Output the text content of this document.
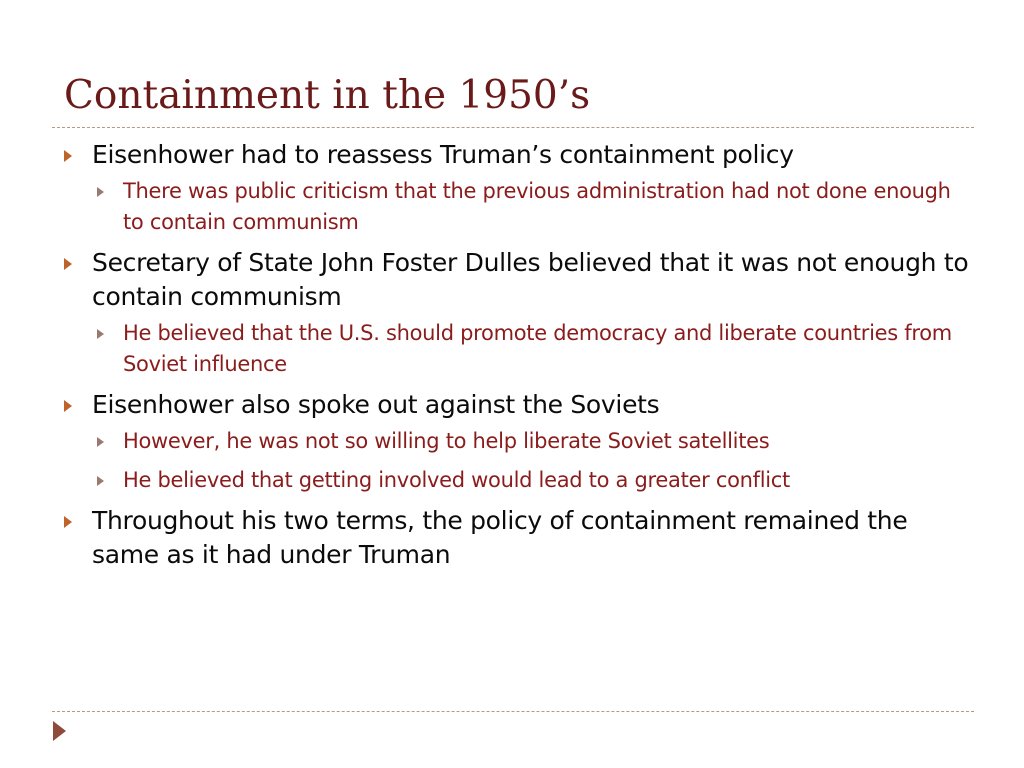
Containment in the 1950’s
Eisenhower had to reassess Truman’s containment policy
There was public criticism that the previous administration had not done enough to contain communism
Secretary of State John Foster Dulles believed that it was not enough to contain communism
He believed that the U.S. should promote democracy and liberate countries from Soviet influence
Eisenhower also spoke out against the Soviets
However, he was not so willing to help liberate Soviet satellites
He believed that getting involved would lead to a greater conflict
Throughout his two terms, the policy of containment remained the same as it had under Truman
